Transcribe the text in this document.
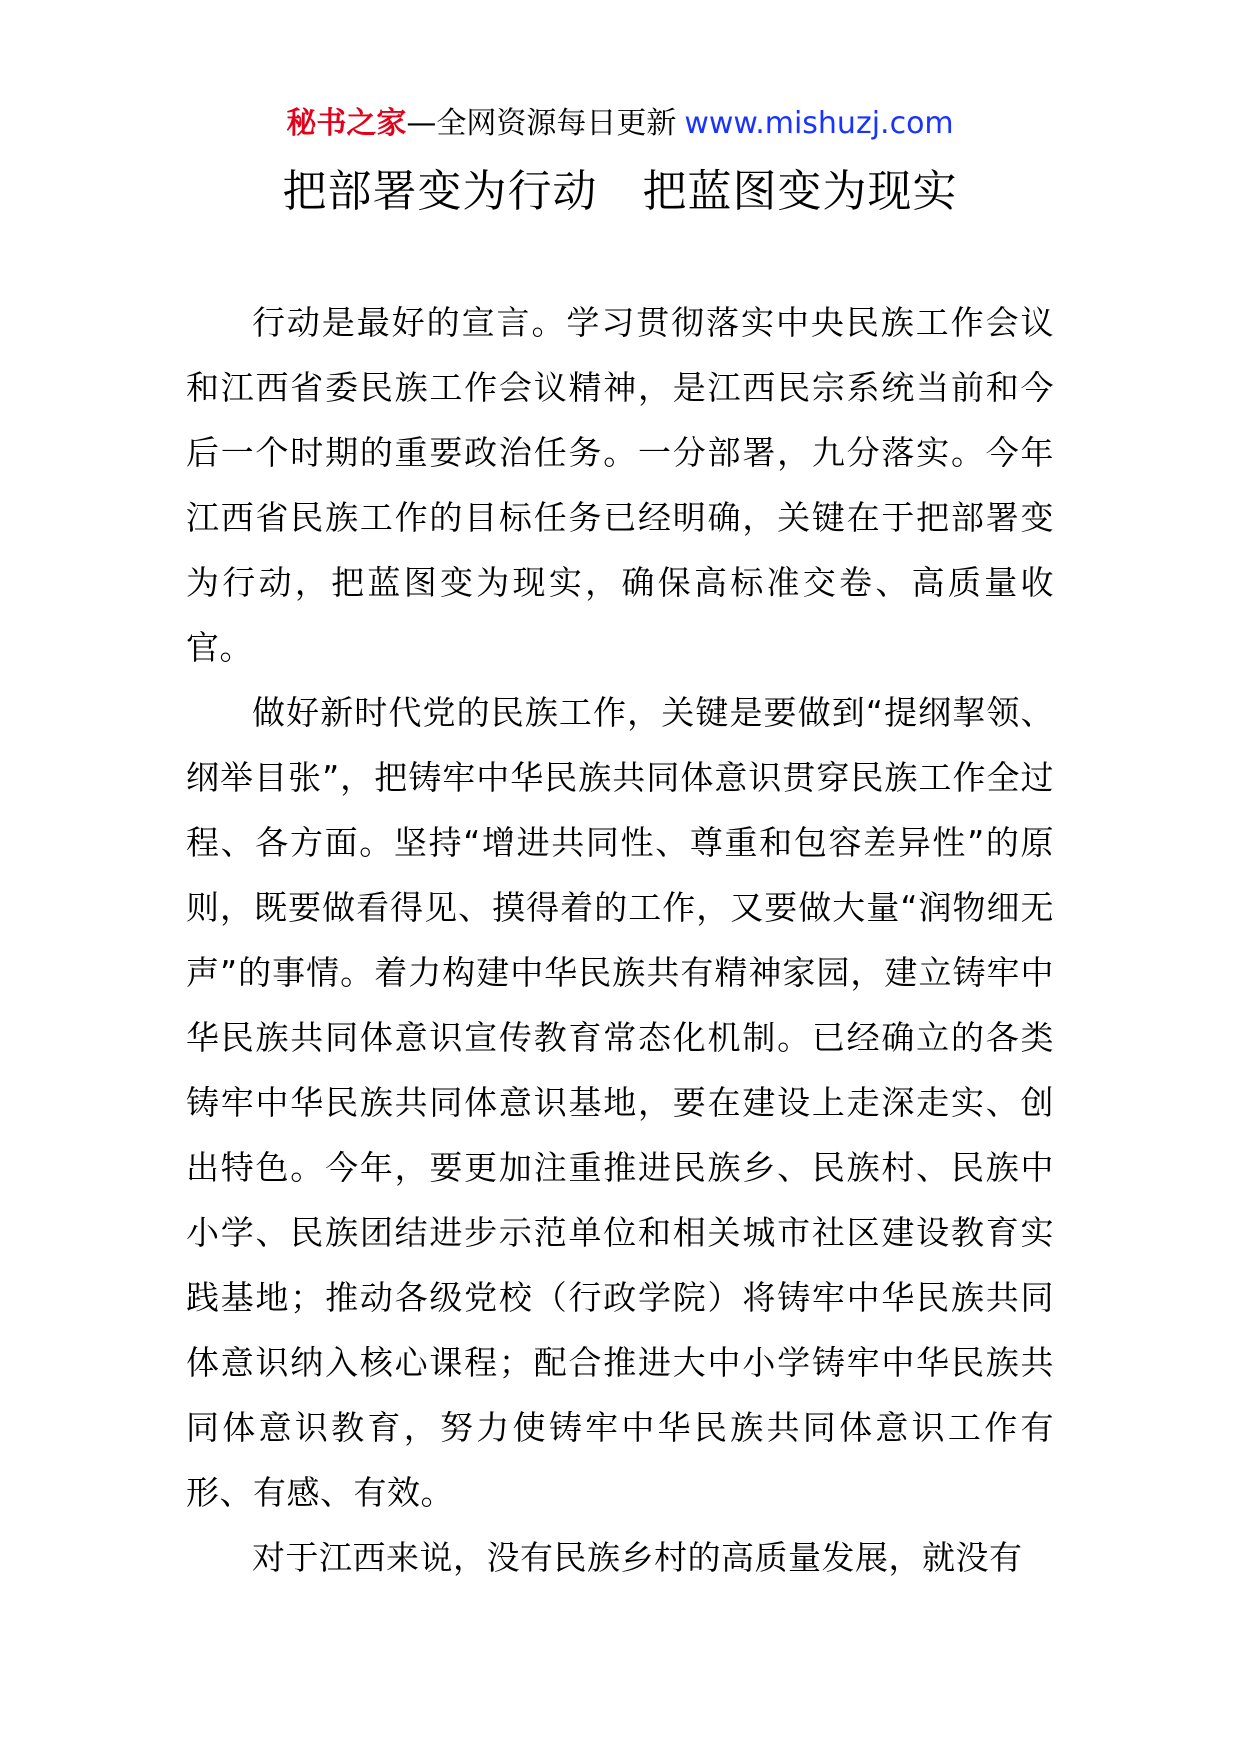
秘书之家—全网资源每日更新 www.mishuzj.com
把部署变为行动　把蓝图变为现实

行动是最好的宣言。学习贯彻落实中央民族工作会议和江西省委民族工作会议精神，是江西民宗系统当前和今后一个时期的重要政治任务。一分部署，九分落实。今年江西省民族工作的目标任务已经明确，关键在于把部署变为行动，把蓝图变为现实，确保高标准交卷、高质量收官。

做好新时代党的民族工作，关键是要做到“提纲挈领、纲举目张”，把铸牢中华民族共同体意识贯穿民族工作全过程、各方面。坚持“增进共同性、尊重和包容差异性”的原则，既要做看得见、摸得着的工作，又要做大量“润物细无声”的事情。着力构建中华民族共有精神家园，建立铸牢中华民族共同体意识宣传教育常态化机制。已经确立的各类铸牢中华民族共同体意识基地，要在建设上走深走实、创出特色。今年，要更加注重推进民族乡、民族村、民族中小学、民族团结进步示范单位和相关城市社区建设教育实践基地；推动各级党校（行政学院）将铸牢中华民族共同体意识纳入核心课程；配合推进大中小学铸牢中华民族共同体意识教育，努力使铸牢中华民族共同体意识工作有形、有感、有效。

对于江西来说，没有民族乡村的高质量发展，就没有
